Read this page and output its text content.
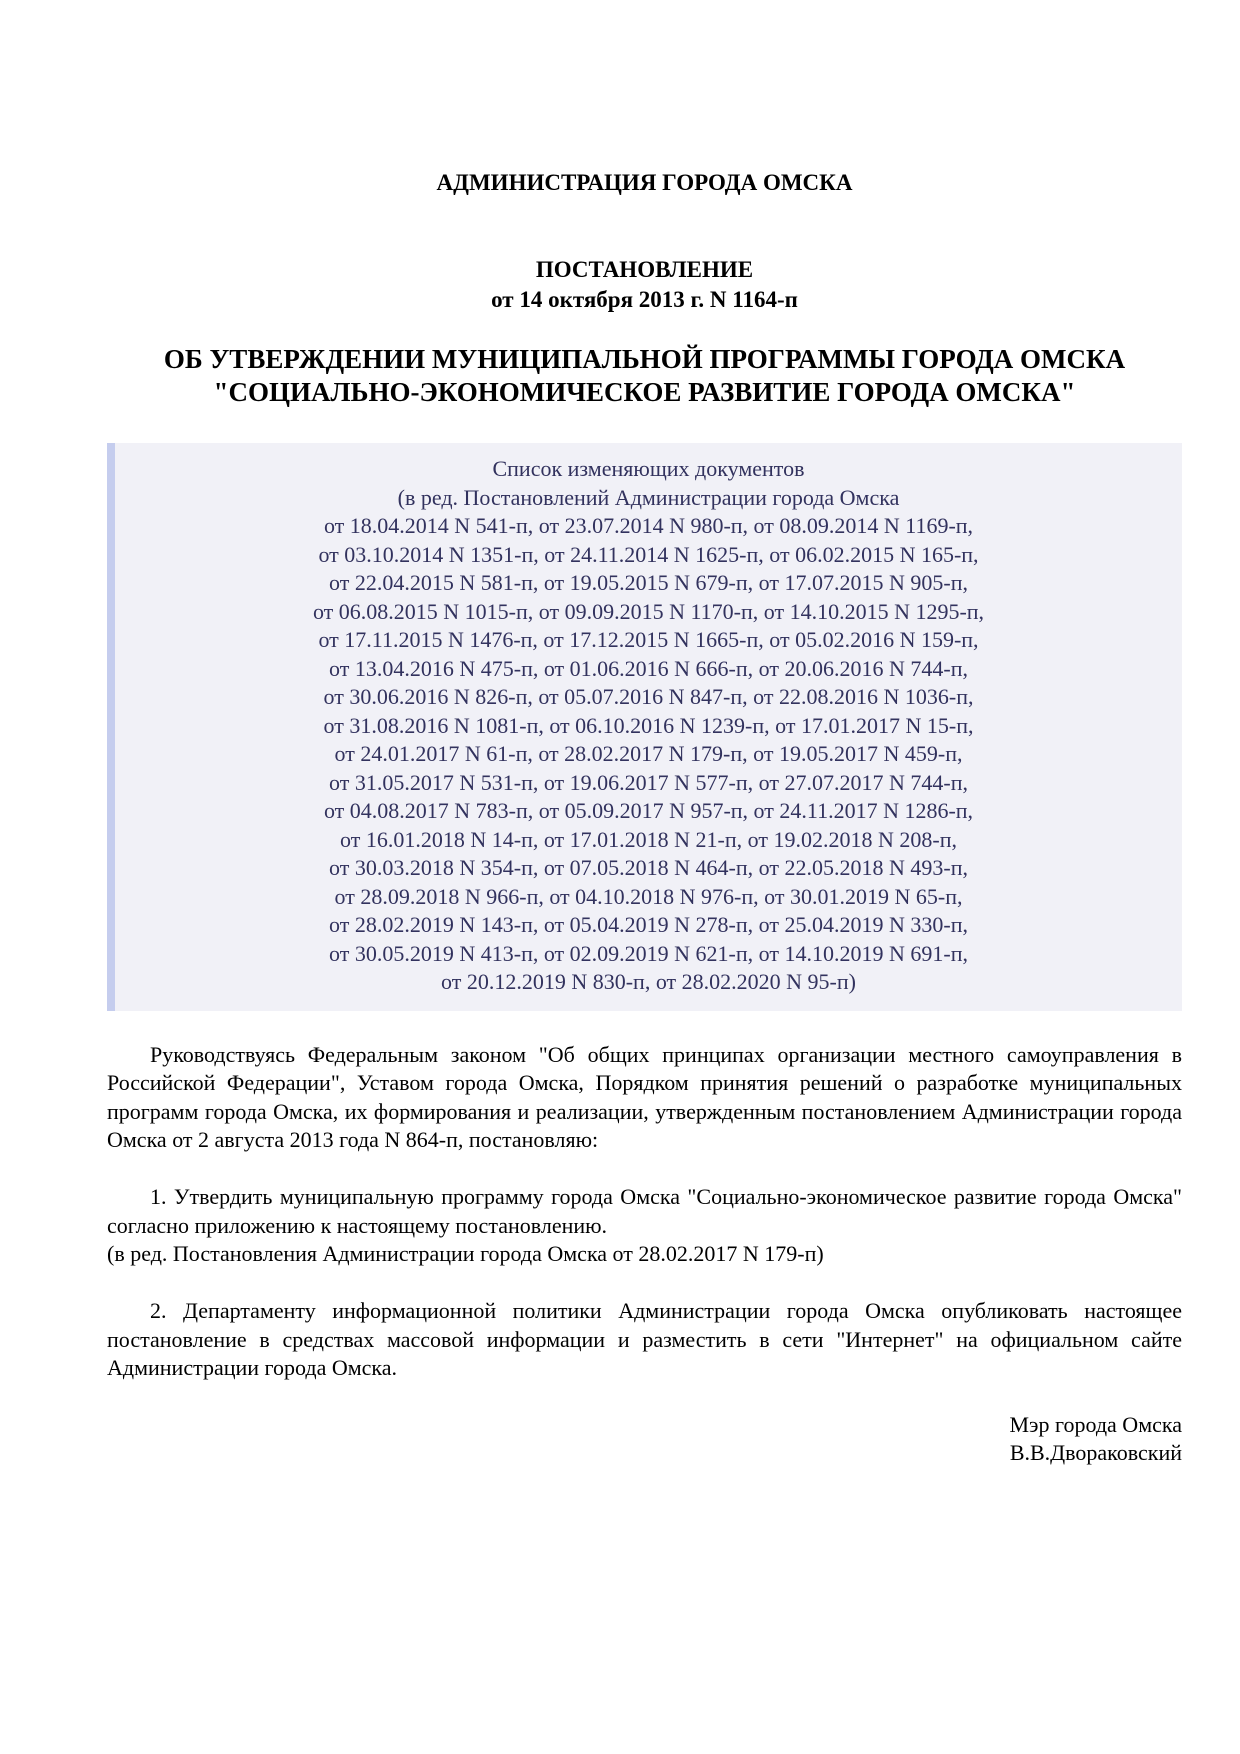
АДМИНИСТРАЦИЯ ГОРОДА ОМСКА
ПОСТАНОВЛЕНИЕ
от 14 октября 2013 г. N 1164-п
ОБ УТВЕРЖДЕНИИ МУНИЦИПАЛЬНОЙ ПРОГРАММЫ ГОРОДА ОМСКА
"СОЦИАЛЬНО-ЭКОНОМИЧЕСКОЕ РАЗВИТИЕ ГОРОДА ОМСКА"
Список изменяющих документов
(в ред. Постановлений Администрации города Омска
от 18.04.2014 N 541-п, от 23.07.2014 N 980-п, от 08.09.2014 N 1169-п,
от 03.10.2014 N 1351-п, от 24.11.2014 N 1625-п, от 06.02.2015 N 165-п,
от 22.04.2015 N 581-п, от 19.05.2015 N 679-п, от 17.07.2015 N 905-п,
от 06.08.2015 N 1015-п, от 09.09.2015 N 1170-п, от 14.10.2015 N 1295-п,
от 17.11.2015 N 1476-п, от 17.12.2015 N 1665-п, от 05.02.2016 N 159-п,
от 13.04.2016 N 475-п, от 01.06.2016 N 666-п, от 20.06.2016 N 744-п,
от 30.06.2016 N 826-п, от 05.07.2016 N 847-п, от 22.08.2016 N 1036-п,
от 31.08.2016 N 1081-п, от 06.10.2016 N 1239-п, от 17.01.2017 N 15-п,
от 24.01.2017 N 61-п, от 28.02.2017 N 179-п, от 19.05.2017 N 459-п,
от 31.05.2017 N 531-п, от 19.06.2017 N 577-п, от 27.07.2017 N 744-п,
от 04.08.2017 N 783-п, от 05.09.2017 N 957-п, от 24.11.2017 N 1286-п,
от 16.01.2018 N 14-п, от 17.01.2018 N 21-п, от 19.02.2018 N 208-п,
от 30.03.2018 N 354-п, от 07.05.2018 N 464-п, от 22.05.2018 N 493-п,
от 28.09.2018 N 966-п, от 04.10.2018 N 976-п, от 30.01.2019 N 65-п,
от 28.02.2019 N 143-п, от 05.04.2019 N 278-п, от 25.04.2019 N 330-п,
от 30.05.2019 N 413-п, от 02.09.2019 N 621-п, от 14.10.2019 N 691-п,
от 20.12.2019 N 830-п, от 28.02.2020 N 95-п)

Руководствуясь Федеральным законом "Об общих принципах организации местного самоуправления в Российской Федерации", Уставом города Омска, Порядком принятия решений о разработке муниципальных программ города Омска, их формирования и реализации, утвержденным постановлением Администрации города Омска от 2 августа 2013 года N 864-п, постановляю:

1. Утвердить муниципальную программу города Омска "Социально-экономическое развитие города Омска" согласно приложению к настоящему постановлению.

(в ред. Постановления Администрации города Омска от 28.02.2017 N 179-п)

2. Департаменту информационной политики Администрации города Омска опубликовать настоящее постановление в средствах массовой информации и разместить в сети "Интернет" на официальном сайте Администрации города Омска.

Мэр города Омска
В.В.Двораковский
